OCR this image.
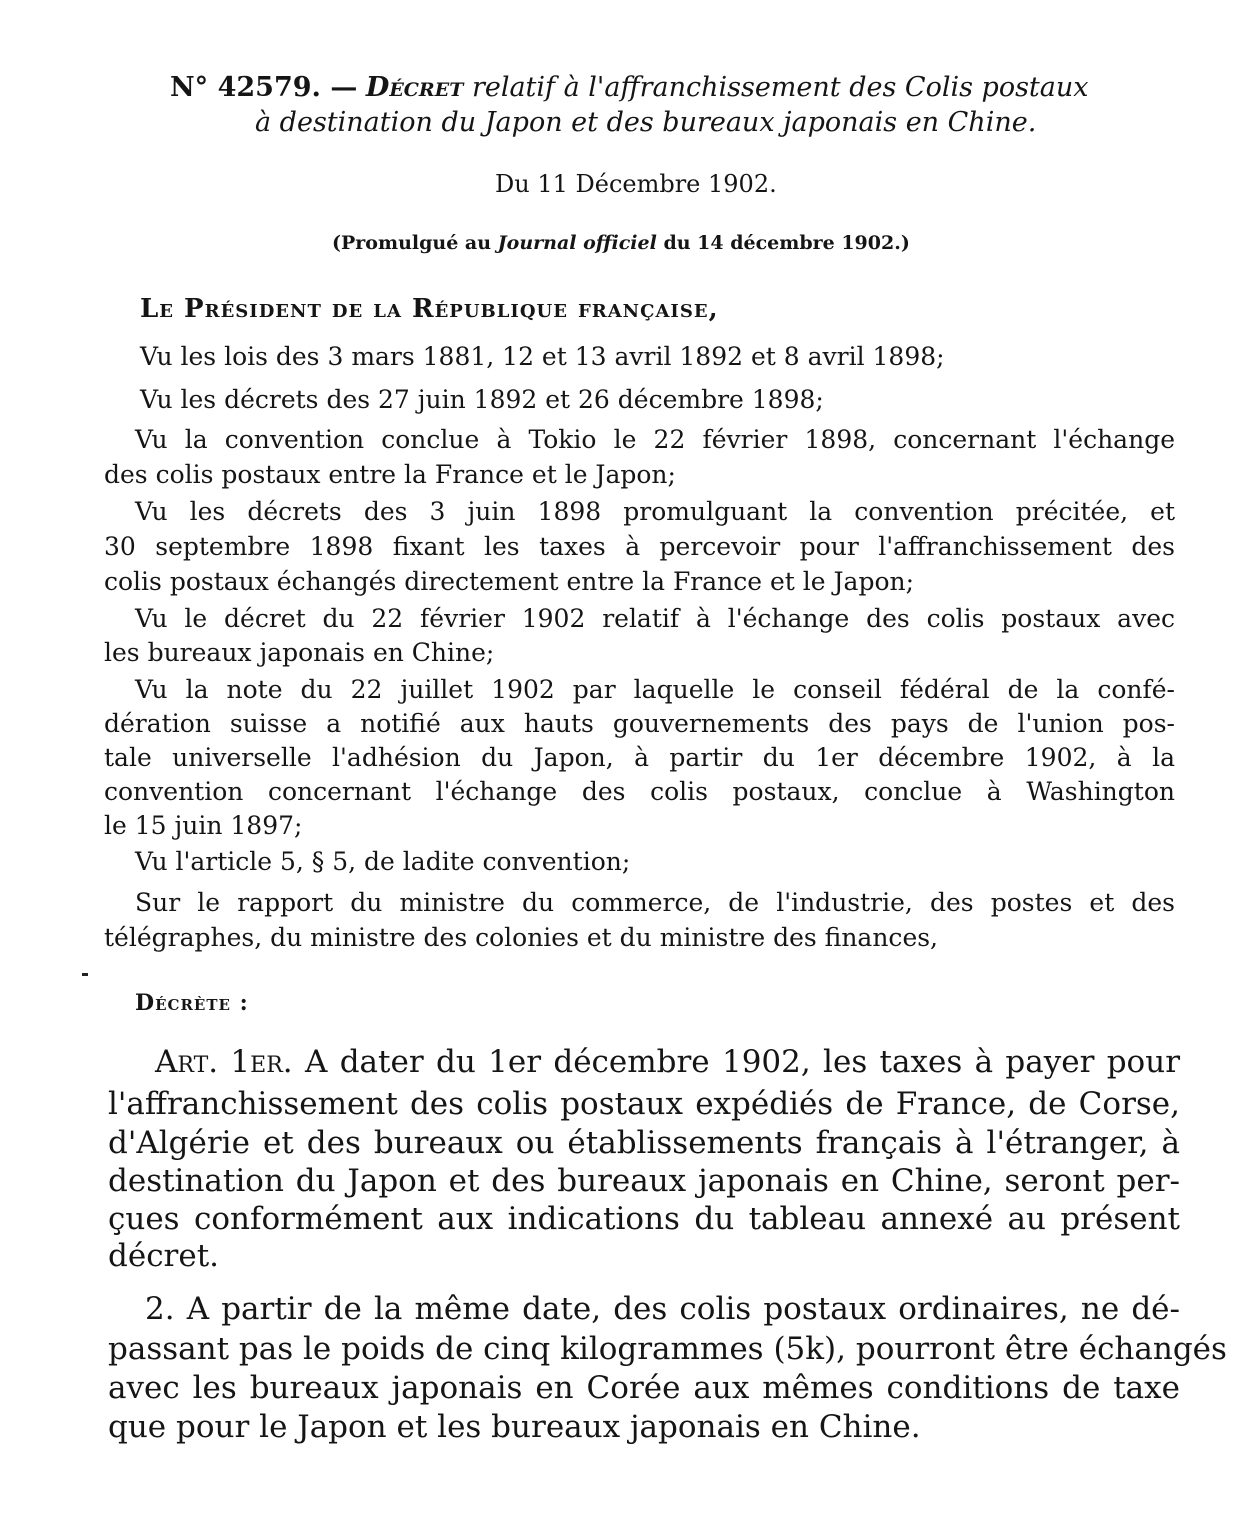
N° 42579. — Décret relatif à l'affranchissement des Colis postaux
à destination du Japon et des bureaux japonais en Chine.
Du 11 Décembre 1902.
(Promulgué au Journal officiel du 14 décembre 1902.)
Le Président de la République française,
Vu les lois des 3 mars 1881, 12 et 13 avril 1892 et 8 avril 1898;
Vu les décrets des 27 juin 1892 et 26 décembre 1898;
Vu la convention conclue à Tokio le 22 février 1898, concernant l'échange
des colis postaux entre la France et le Japon;
Vu les décrets des 3 juin 1898 promulguant la convention précitée, et
30 septembre 1898 fixant les taxes à percevoir pour l'affranchissement des
colis postaux échangés directement entre la France et le Japon;
Vu le décret du 22 février 1902 relatif à l'échange des colis postaux avec
les bureaux japonais en Chine;
Vu la note du 22 juillet 1902 par laquelle le conseil fédéral de la confé-
dération suisse a notifié aux hauts gouvernements des pays de l'union pos-
tale universelle l'adhésion du Japon, à partir du 1er décembre 1902, à la
convention concernant l'échange des colis postaux, conclue à Washington
le 15 juin 1897;
Vu l'article 5, § 5, de ladite convention;
Sur le rapport du ministre du commerce, de l'industrie, des postes et des
télégraphes, du ministre des colonies et du ministre des finances,
Décrète :
Art. 1er. A dater du 1er décembre 1902, les taxes à payer pour
l'affranchissement des colis postaux expédiés de France, de Corse,
d'Algérie et des bureaux ou établissements français à l'étranger, à
destination du Japon et des bureaux japonais en Chine, seront per-
çues conformément aux indications du tableau annexé au présent
décret.
2. A partir de la même date, des colis postaux ordinaires, ne dé-
passant pas le poids de cinq kilogrammes (5k), pourront être échangés
avec les bureaux japonais en Corée aux mêmes conditions de taxe
que pour le Japon et les bureaux japonais en Chine.
